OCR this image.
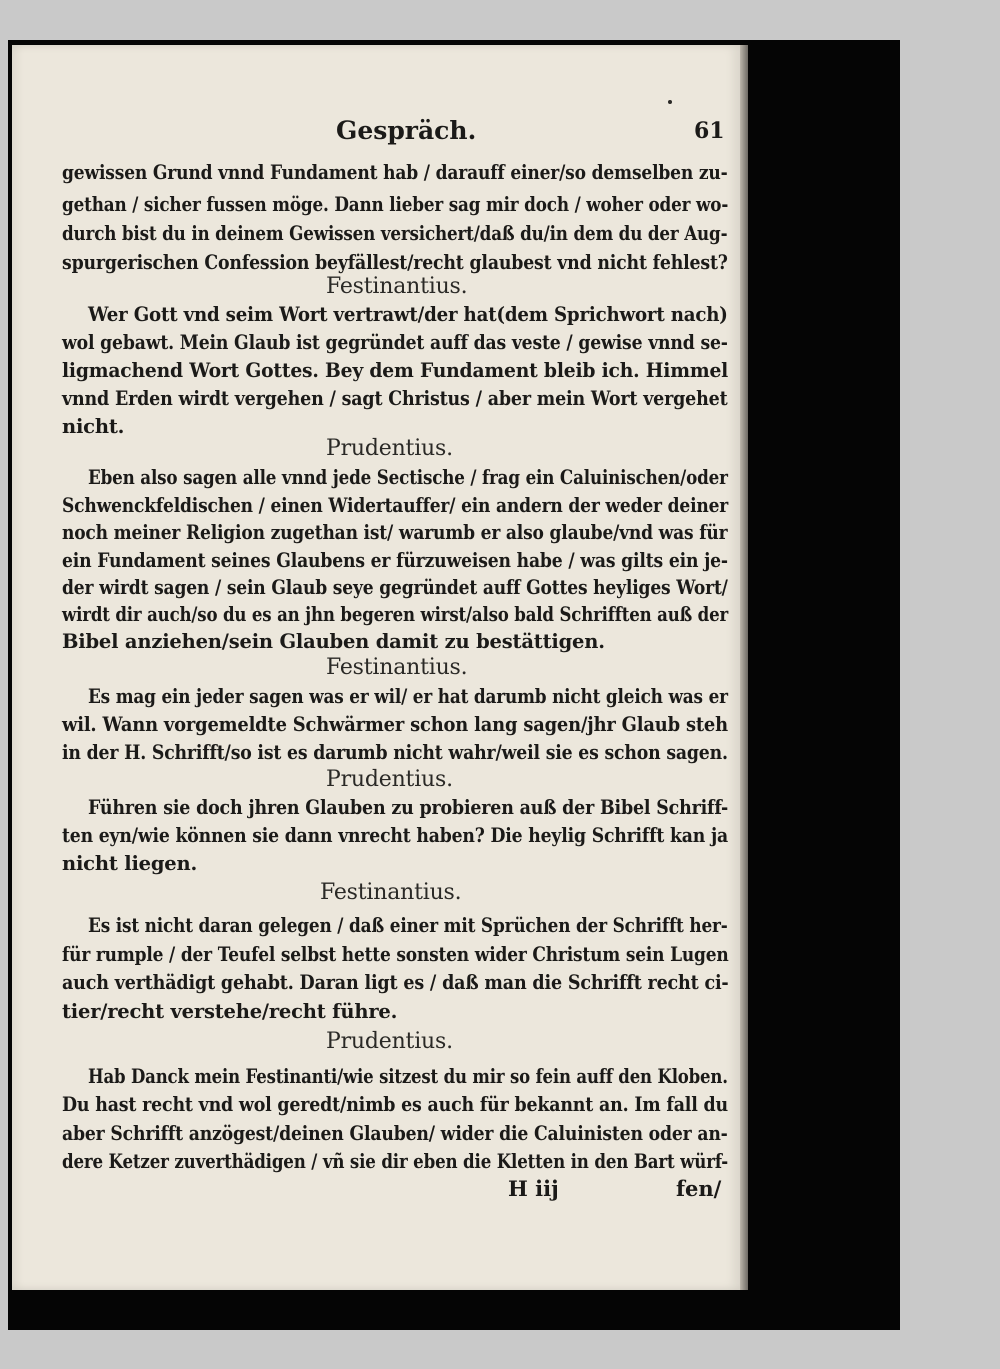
Gespräch.	61
gewissen Grund vnnd Fundament hab / darauff einer/so demselben zu-
gethan / sicher fussen möge. Dann lieber sag mir doch / woher oder wo-
durch bist du in deinem Gewissen versichert/daß du/in dem du der Aug-
spurgerischen Confession beyfällest/recht glaubest vnd nicht fehlest?
Festinantius.
Wer Gott vnd seim Wort vertrawt/der hat(dem Sprichwort nach)
wol gebawt. Mein Glaub ist gegründet auff das veste / gewise vnnd se-
ligmachend Wort Gottes. Bey dem Fundament bleib ich. Himmel
vnnd Erden wirdt vergehen / sagt Christus / aber mein Wort vergehet
nicht.
Prudentius.
Eben also sagen alle vnnd jede Sectische / frag ein Caluinischen/oder
Schwenckfeldischen / einen Widertauffer/ ein andern der weder deiner
noch meiner Religion zugethan ist/ warumb er also glaube/vnd was für
ein Fundament seines Glaubens er fürzuweisen habe / was gilts ein je-
der wirdt sagen / sein Glaub seye gegründet auff Gottes heyliges Wort/
wirdt dir auch/so du es an jhn begeren wirst/also bald Schrifften auß der
Bibel anziehen/sein Glauben damit zu bestättigen.
Festinantius.
Es mag ein jeder sagen was er wil/ er hat darumb nicht gleich was er
wil. Wann vorgemeldte Schwärmer schon lang sagen/jhr Glaub steh
in der H. Schrifft/so ist es darumb nicht wahr/weil sie es schon sagen.
Prudentius.
Führen sie doch jhren Glauben zu probieren auß der Bibel Schriff-
ten eyn/wie können sie dann vnrecht haben? Die heylig Schrifft kan ja
nicht liegen.
Festinantius.
Es ist nicht daran gelegen / daß einer mit Sprüchen der Schrifft her-
für rumple / der Teufel selbst hette sonsten wider Christum sein Lugen
auch verthädigt gehabt. Daran ligt es / daß man die Schrifft recht ci-
tier/recht verstehe/recht führe.
Prudentius.
Hab Danck mein Festinanti/wie sitzest du mir so fein auff den Kloben.
Du hast recht vnd wol geredt/nimb es auch für bekannt an. Im fall du
aber Schrifft anzögest/deinen Glauben/ wider die Caluinisten oder an-
dere Ketzer zuverthädigen / vñ sie dir eben die Kletten in den Bart würf-
H iij	fen/
